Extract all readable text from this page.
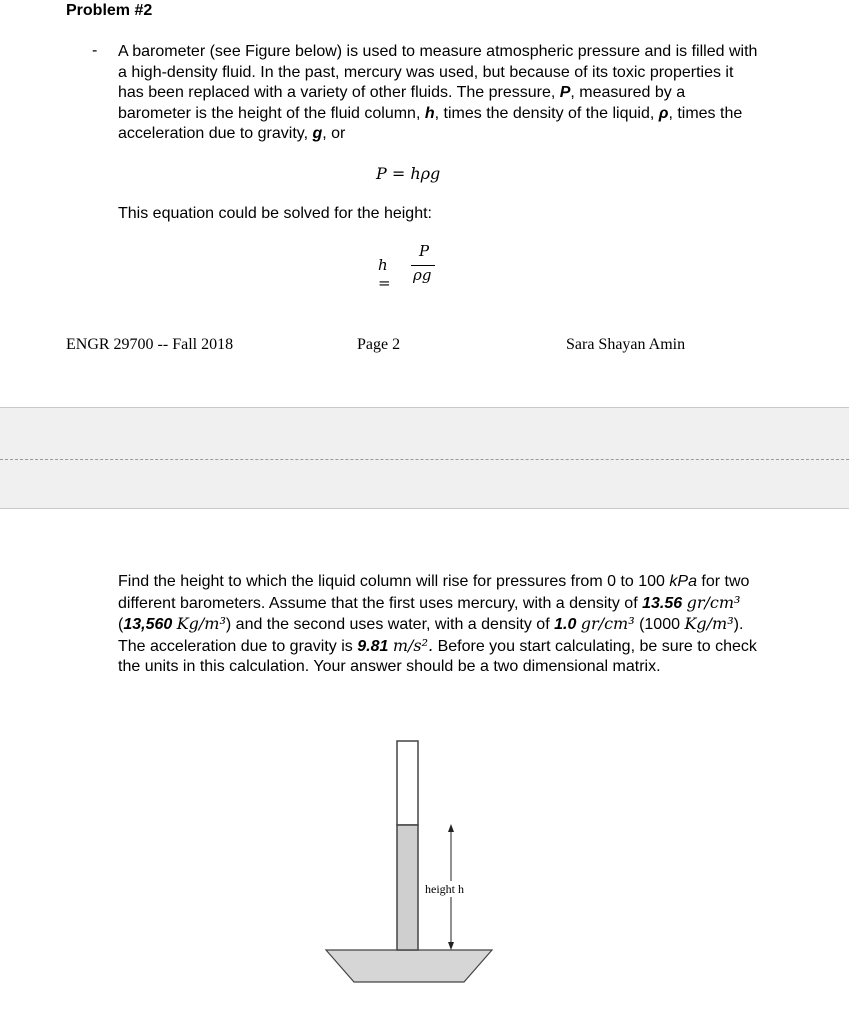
Problem #2
- A barometer (see Figure below) is used to measure atmospheric pressure and is filled with a high-density fluid. In the past, mercury was used, but because of its toxic properties it has been replaced with a variety of other fluids. The pressure, P, measured by a barometer is the height of the fluid column, h, times the density of the liquid, ρ, times the acceleration due to gravity, g, or
P = hρg
This equation could be solved for the height:
h =
P
ρg
ENGR 29700 -- Fall 2018	Page 2	Sara Shayan Amin
Find the height to which the liquid column will rise for pressures from 0 to 100 kPa for two different barometers. Assume that the first uses mercury, with a density of 13.56 gr/cm³ (13,560 Kg/m³) and the second uses water, with a density of 1.0 gr/cm³ (1000 Kg/m³). The acceleration due to gravity is 9.81 m/s². Before you start calculating, be sure to check the units in this calculation. Your answer should be a two dimensional matrix.
height h
